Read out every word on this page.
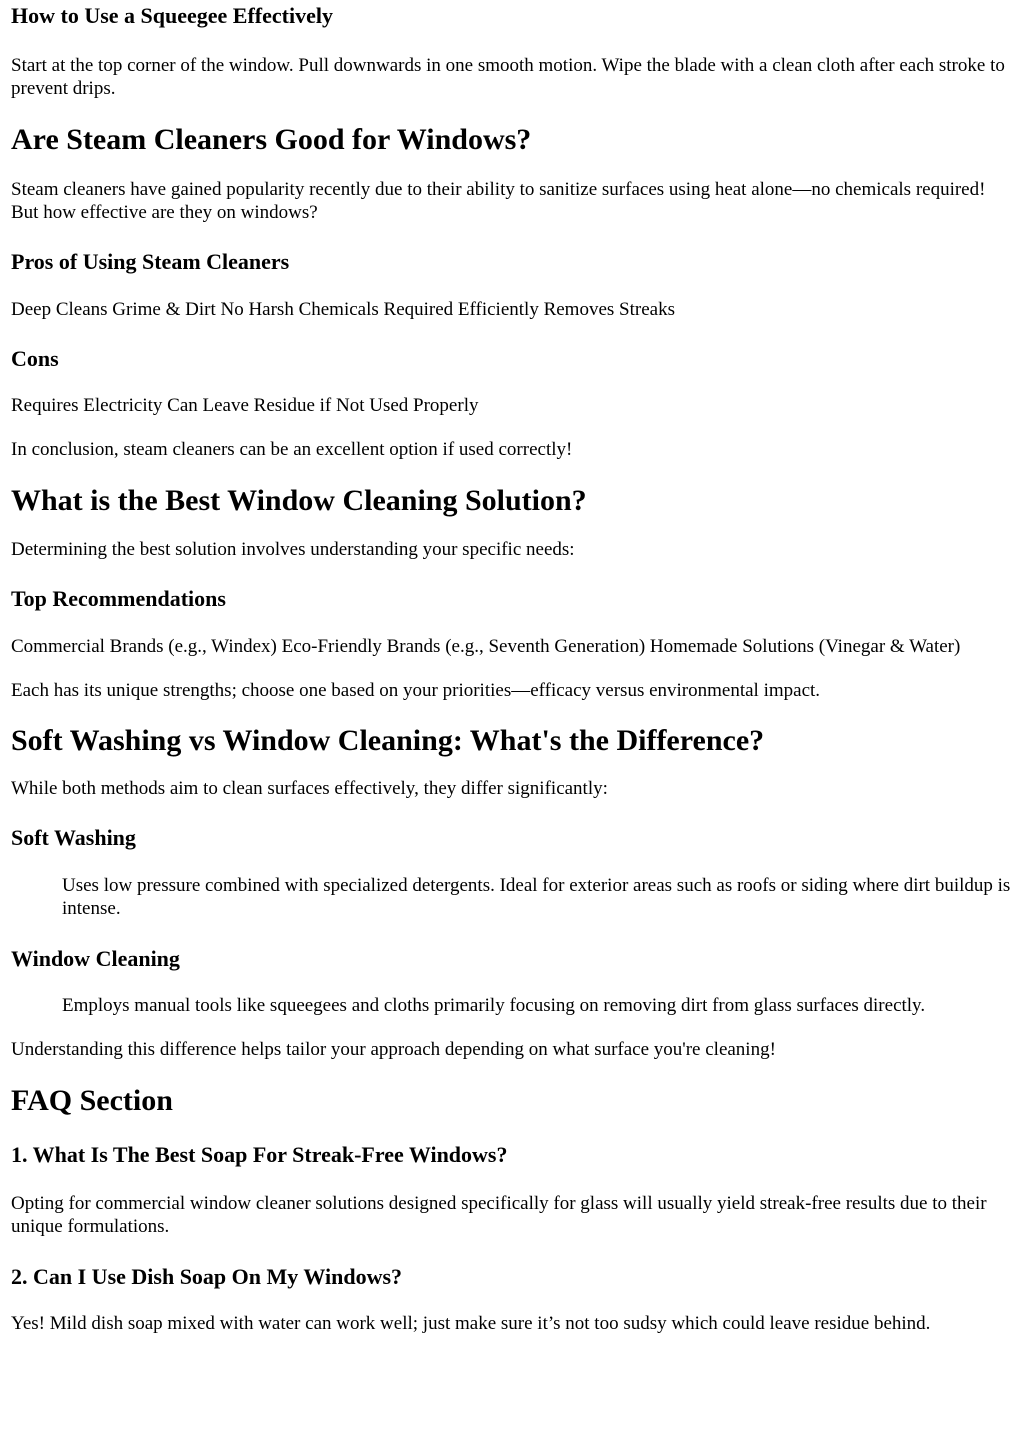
How to Use a Squeegee Effectively

Start at the top corner of the window. Pull downwards in one smooth motion. Wipe the blade with a clean cloth after each stroke to prevent drips.

Are Steam Cleaners Good for Windows?

Steam cleaners have gained popularity recently due to their ability to sanitize surfaces using heat alone—no chemicals required! But how effective are they on windows?

Pros of Using Steam Cleaners

Deep Cleans Grime & Dirt No Harsh Chemicals Required Efficiently Removes Streaks

Cons

Requires Electricity Can Leave Residue if Not Used Properly

In conclusion, steam cleaners can be an excellent option if used correctly!

What is the Best Window Cleaning Solution?

Determining the best solution involves understanding your specific needs:

Top Recommendations

Commercial Brands (e.g., Windex) Eco-Friendly Brands (e.g., Seventh Generation) Homemade Solutions (Vinegar & Water)

Each has its unique strengths; choose one based on your priorities—efficacy versus environmental impact.

Soft Washing vs Window Cleaning: What's the Difference?

While both methods aim to clean surfaces effectively, they differ significantly:

Soft Washing

Uses low pressure combined with specialized detergents. Ideal for exterior areas such as roofs or siding where dirt buildup is intense.

Window Cleaning

Employs manual tools like squeegees and cloths primarily focusing on removing dirt from glass surfaces directly.

Understanding this difference helps tailor your approach depending on what surface you're cleaning!

FAQ Section
1. What Is The Best Soap For Streak-Free Windows?

Opting for commercial window cleaner solutions designed specifically for glass will usually yield streak-free results due to their unique formulations.

2. Can I Use Dish Soap On My Windows?

Yes! Mild dish soap mixed with water can work well; just make sure it’s not too sudsy which could leave residue behind.
